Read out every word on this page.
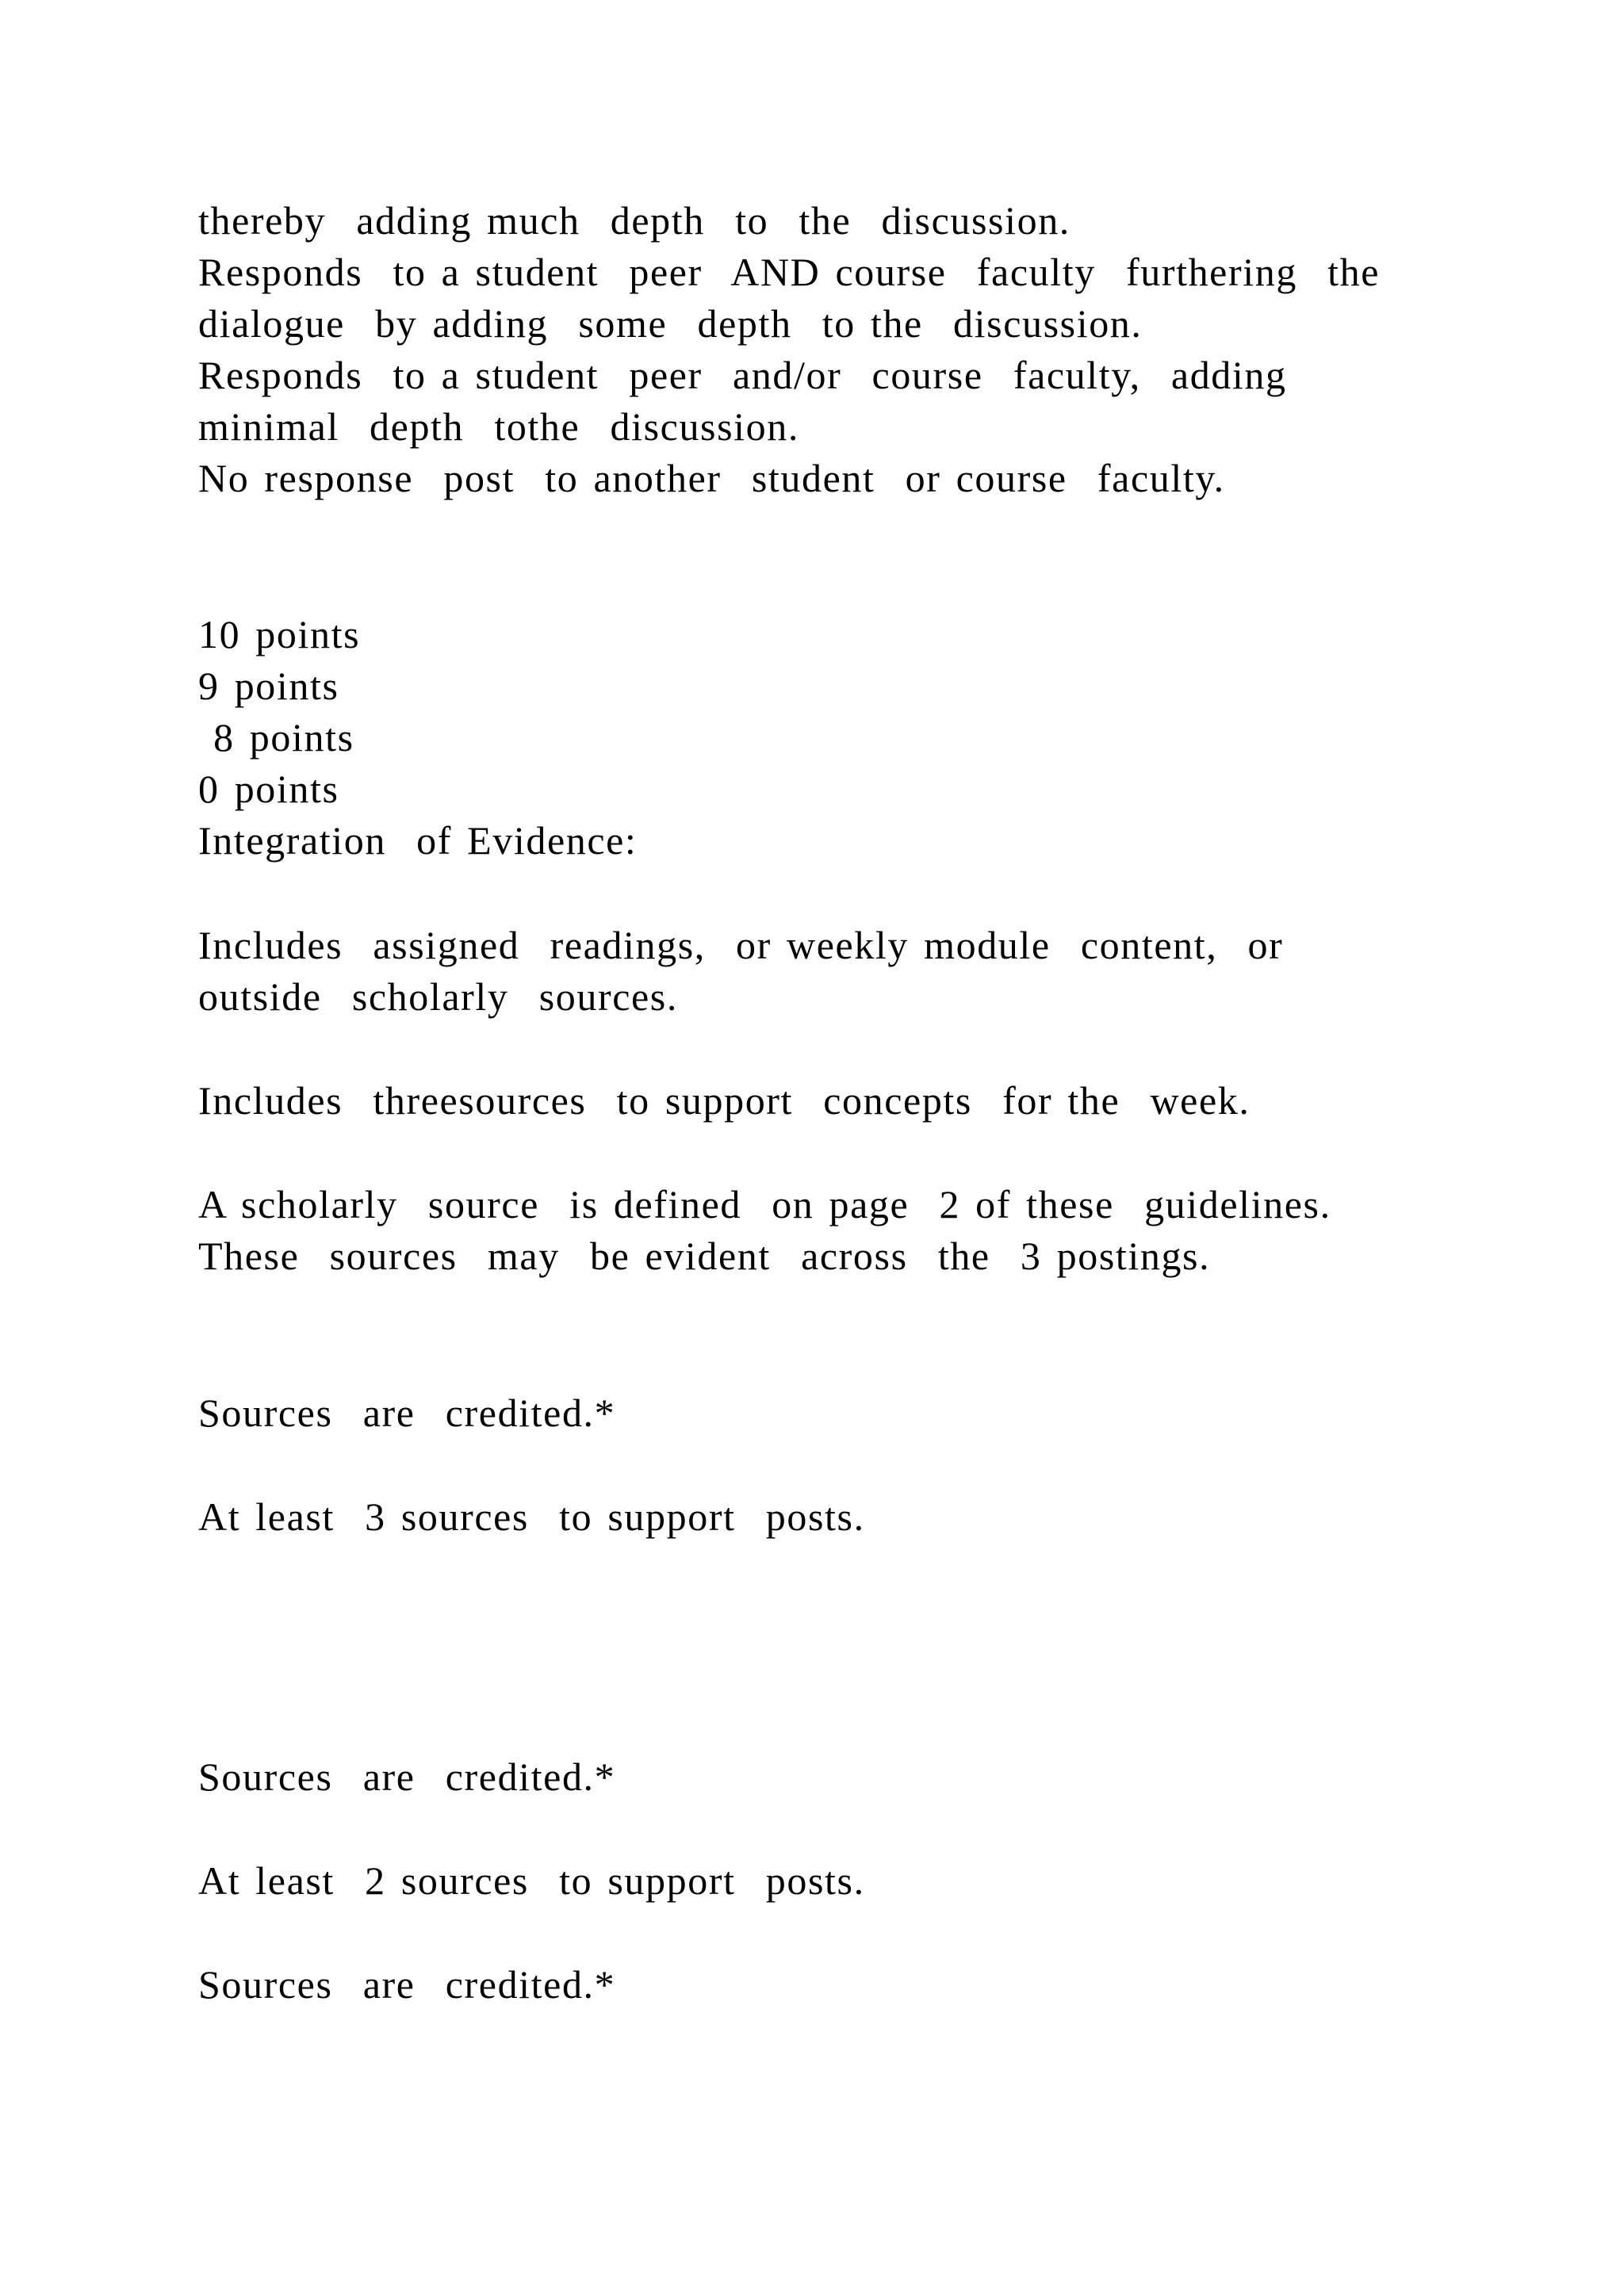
thereby  adding much  depth  to  the  discussion.

Responds  to a student  peer  AND course  faculty  furthering  the

dialogue  by adding  some  depth  to the  discussion.

Responds  to a student  peer  and/or  course  faculty,  adding

minimal  depth  tothe  discussion.

No response  post  to another  student  or course  faculty.

10 points

9 points

8 points

0 points

Integration  of Evidence:

Includes  assigned  readings,  or weekly module  content,  or

outside  scholarly  sources.

Includes  threesources  to support  concepts  for the  week.

A scholarly  source  is defined  on page  2 of these  guidelines.

These  sources  may  be evident  across  the  3 postings.

Sources  are  credited.*

At least  3 sources  to support  posts.

Sources  are  credited.*

At least  2 sources  to support  posts.

Sources  are  credited.*
